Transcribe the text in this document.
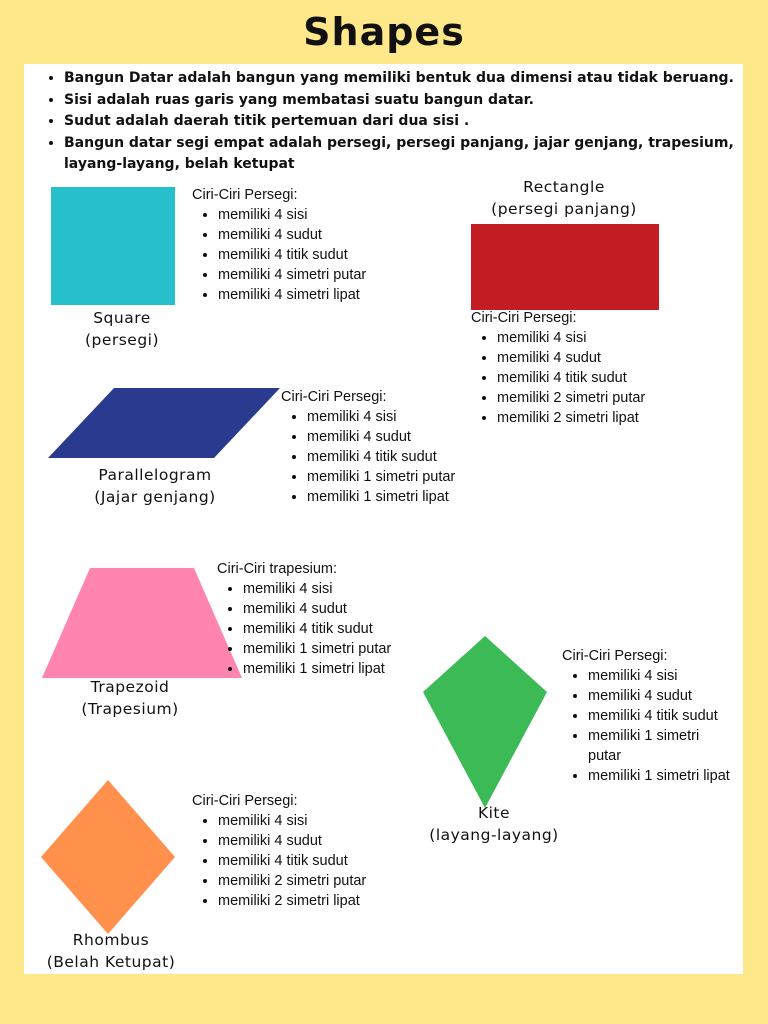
Shapes
• Bangun Datar adalah bangun yang memiliki bentuk dua dimensi atau tidak beruang.
• Sisi adalah ruas garis yang membatasi suatu bangun datar.
• Sudut adalah daerah titik pertemuan dari dua sisi .
• Bangun datar segi empat adalah persegi, persegi panjang, jajar genjang, trapesium, layang-layang, belah ketupat
Square
(persegi)
Ciri-Ciri Persegi:
• memiliki 4 sisi
• memiliki 4 sudut
• memiliki 4 titik sudut
• memiliki 4 simetri putar
• memiliki 4 simetri lipat
Rectangle
(persegi panjang)
Ciri-Ciri Persegi:
• memiliki 4 sisi
• memiliki 4 sudut
• memiliki 4 titik sudut
• memiliki 2 simetri putar
• memiliki 2 simetri lipat
Parallelogram
(Jajar genjang)
Ciri-Ciri Persegi:
• memiliki 4 sisi
• memiliki 4 sudut
• memiliki 4 titik sudut
• memiliki 1 simetri putar
• memiliki 1 simetri lipat
Trapezoid
(Trapesium)
Ciri-Ciri trapesium:
• memiliki 4 sisi
• memiliki 4 sudut
• memiliki 4 titik sudut
• memiliki 1 simetri putar
• memiliki 1 simetri lipat
Kite
(layang-layang)
Ciri-Ciri Persegi:
• memiliki 4 sisi
• memiliki 4 sudut
• memiliki 4 titik sudut
• memiliki 1 simetri putar
• memiliki 1 simetri lipat
Rhombus
(Belah Ketupat)
Ciri-Ciri Persegi:
• memiliki 4 sisi
• memiliki 4 sudut
• memiliki 4 titik sudut
• memiliki 2 simetri putar
• memiliki 2 simetri lipat
